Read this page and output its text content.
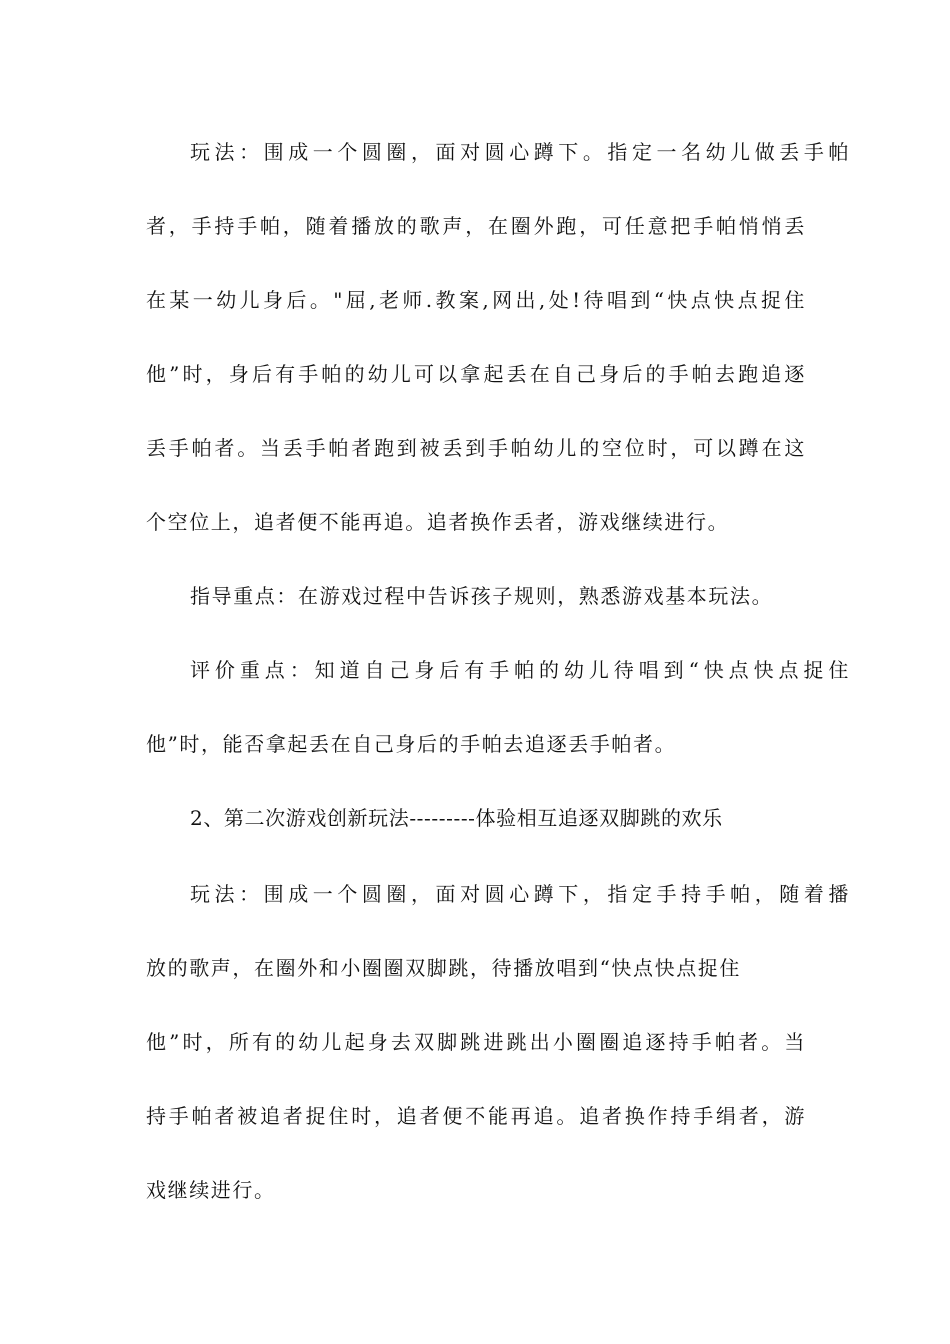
玩法：围成一个圆圈，面对圆心蹲下。指定一名幼儿做丢手帕
者，手持手帕，随着播放的歌声，在圈外跑，可任意把手帕悄悄丢
在某一幼儿身后。"屈,老师.教案,网出,处!待唱到“快点快点捉住
他”时，身后有手帕的幼儿可以拿起丢在自己身后的手帕去跑追逐
丢手帕者。当丢手帕者跑到被丢到手帕幼儿的空位时，可以蹲在这
个空位上，追者便不能再追。追者换作丢者，游戏继续进行。
指导重点：在游戏过程中告诉孩子规则，熟悉游戏基本玩法。
评价重点：知道自己身后有手帕的幼儿待唱到“快点快点捉住
他”时，能否拿起丢在自己身后的手帕去追逐丢手帕者。
2、第二次游戏创新玩法---------体验相互追逐双脚跳的欢乐
玩法：围成一个圆圈，面对圆心蹲下，指定手持手帕，随着播
放的歌声，在圈外和小圈圈双脚跳，待播放唱到“快点快点捉住
他”时，所有的幼儿起身去双脚跳进跳出小圈圈追逐持手帕者。当
持手帕者被追者捉住时，追者便不能再追。追者换作持手绢者，游
戏继续进行。
